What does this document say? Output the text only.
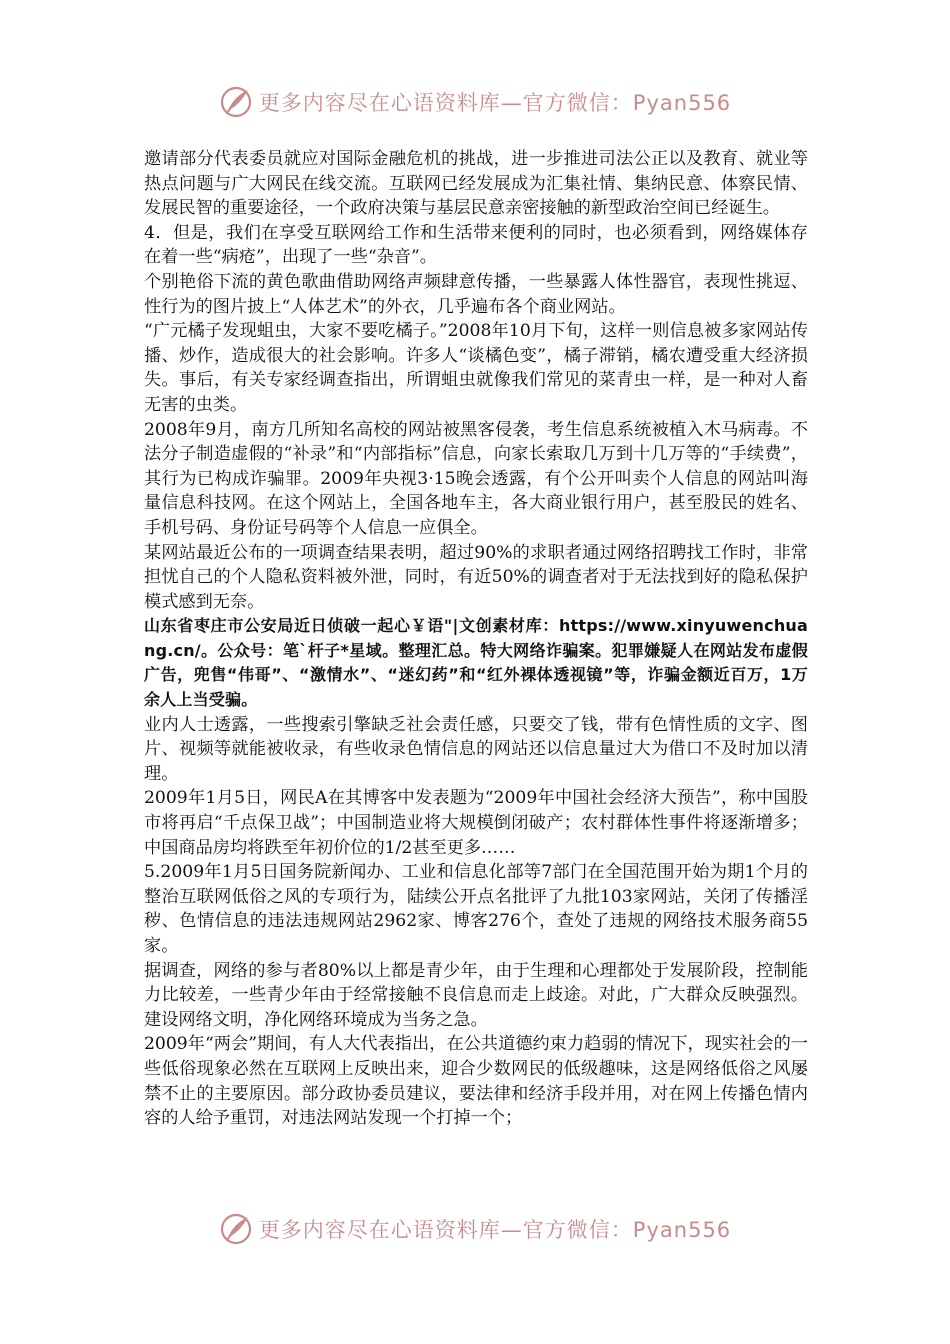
更多内容尽在心语资料库—官方微信：Pyan556

邀请部分代表委员就应对国际金融危机的挑战，进一步推进司法公正以及教育、就业等热点问题与广大网民在线交流。互联网已经发展成为汇集社情、集纳民意、体察民情、发展民智的重要途径，一个政府决策与基层民意亲密接触的新型政治空间已经诞生。

4．但是，我们在享受互联网给工作和生活带来便利的同时，也必须看到，网络媒体存在着一些“病疮”，出现了一些“杂音”。

个别艳俗下流的黄色歌曲借助网络声频肆意传播，一些暴露人体性器官，表现性挑逗、性行为的图片披上“人体艺术”的外衣，几乎遍布各个商业网站。

“广元橘子发现蛆虫，大家不要吃橘子。”2008年10月下旬，这样一则信息被多家网站传播、炒作，造成很大的社会影响。许多人“谈橘色变”，橘子滞销，橘农遭受重大经济损失。事后，有关专家经调查指出，所谓蛆虫就像我们常见的菜青虫一样，是一种对人畜无害的虫类。

2008年9月，南方几所知名高校的网站被黑客侵袭，考生信息系统被植入木马病毒。不法分子制造虚假的“补录”和“内部指标”信息，向家长索取几万到十几万等的“手续费”，其行为已构成诈骗罪。2009年央视3·15晚会透露，有个公开叫卖个人信息的网站叫海量信息科技网。在这个网站上，全国各地车主，各大商业银行用户，甚至股民的姓名、手机号码、身份证号码等个人信息一应俱全。

某网站最近公布的一项调查结果表明，超过90%的求职者通过网络招聘找工作时，非常担忧自己的个人隐私资料被外泄，同时，有近50%的调查者对于无法找到好的隐私保护模式感到无奈。

山东省枣庄市公安局近日侦破一起心￥语"|文创素材库：https://www.xinyuwenchuang.cn/。公众号：笔`杆子*星域。整理汇总。特大网络诈骗案。犯罪嫌疑人在网站发布虚假广告，兜售“伟哥”、“激情水”、“迷幻药”和“红外裸体透视镜”等，诈骗金额近百万，1万余人上当受骗。

业内人士透露，一些搜索引擎缺乏社会责任感，只要交了钱，带有色情性质的文字、图片、视频等就能被收录，有些收录色情信息的网站还以信息量过大为借口不及时加以清理。

2009年1月5日，网民A在其博客中发表题为“2009年中国社会经济大预告”，称中国股市将再启“千点保卫战”；中国制造业将大规模倒闭破产；农村群体性事件将逐渐增多；中国商品房均将跌至年初价位的1/2甚至更多……

5.2009年1月5日国务院新闻办、工业和信息化部等7部门在全国范围开始为期1个月的整治互联网低俗之风的专项行为，陆续公开点名批评了九批103家网站，关闭了传播淫秽、色情信息的违法违规网站2962家、博客276个，查处了违规的网络技术服务商55家。

据调查，网络的参与者80%以上都是青少年，由于生理和心理都处于发展阶段，控制能力比较差，一些青少年由于经常接触不良信息而走上歧途。对此，广大群众反映强烈。建设网络文明，净化网络环境成为当务之急。

2009年“两会”期间，有人大代表指出，在公共道德约束力趋弱的情况下，现实社会的一些低俗现象必然在互联网上反映出来，迎合少数网民的低级趣味，这是网络低俗之风屡禁不止的主要原因。部分政协委员建议，要法律和经济手段并用，对在网上传播色情内容的人给予重罚，对违法网站发现一个打掉一个；

更多内容尽在心语资料库—官方微信：Pyan556
